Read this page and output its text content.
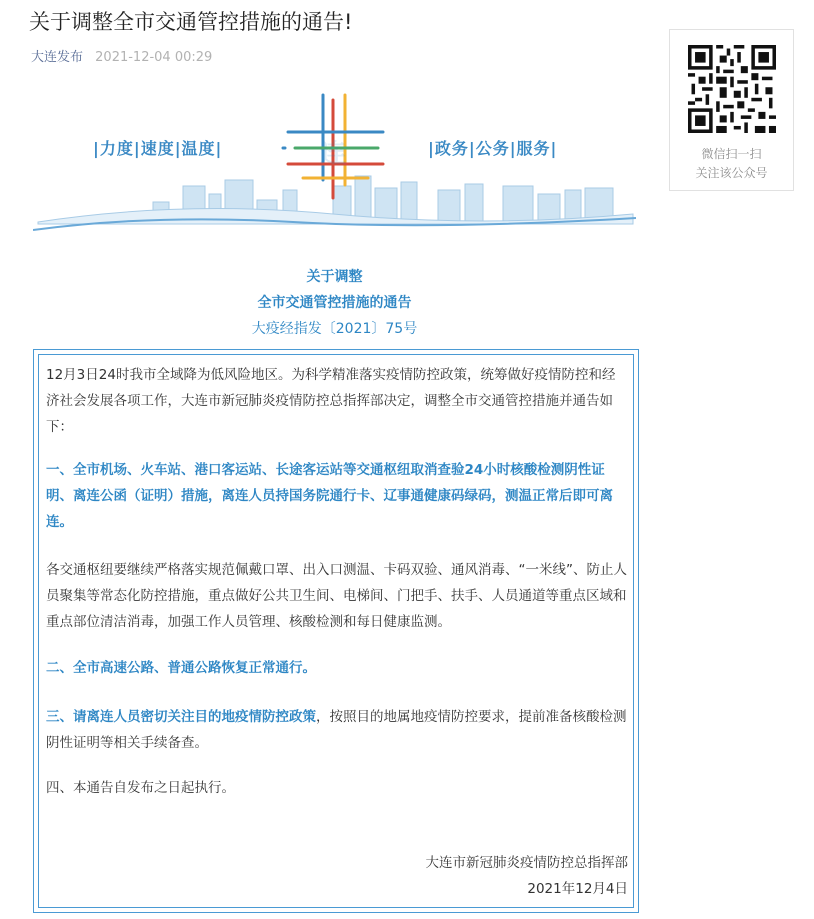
关于调整全市交通管控措施的通告!
大连发布 2021-12-04 00:29
微信扫一扫
关注该公众号
连
|力度|速度|温度|	|政务|公务|服务|
关于调整
全市交通管控措施的通告
大疫经指发〔2021〕75号

12月3日24时我市全域降为低风险地区。为科学精准落实疫情防控政策，统筹做好疫情防控和经济社会发展各项工作，大连市新冠肺炎疫情防控总指挥部决定，调整全市交通管控措施并通告如下：

一、全市机场、火车站、港口客运站、长途客运站等交通枢纽取消查验24小时核酸检测阴性证明、离连公函（证明）措施，离连人员持国务院通行卡、辽事通健康码绿码，测温正常后即可离连。

各交通枢纽要继续严格落实规范佩戴口罩、出入口测温、卡码双验、通风消毒、“一米线”、防止人员聚集等常态化防控措施，重点做好公共卫生间、电梯间、门把手、扶手、人员通道等重点区域和重点部位清洁消毒，加强工作人员管理、核酸检测和每日健康监测。

二、全市高速公路、普通公路恢复正常通行。

三、请离连人员密切关注目的地疫情防控政策，按照目的地属地疫情防控要求，提前准备核酸检测阴性证明等相关手续备查。

四、本通告自发布之日起执行。

大连市新冠肺炎疫情防控总指挥部
2021年12月4日
